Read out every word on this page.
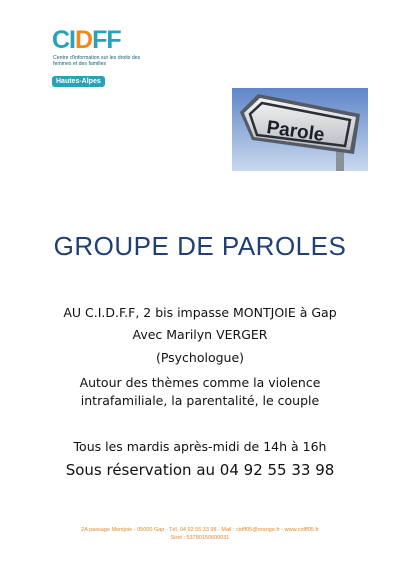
CIDFF
Centre d'information sur les droits des femmes et des familles
Hautes-Alpes
Parole
GROUPE DE PAROLES
AU C.I.D.F.F, 2 bis impasse MONTJOIE à Gap
Avec Marilyn VERGER
(Psychologue)
Autour des thèmes comme la violence
intrafamiliale, la parentalité, le couple
Tous les mardis après-midi de 14h à 16h
Sous réservation au 04 92 55 33 98
2A passage Montjoie - 05000 Gap - Tél. 04 92 55 33 98 - Mail : cidff05@orange.fr - www.cidff05.fr
Siret : 53780150600031
